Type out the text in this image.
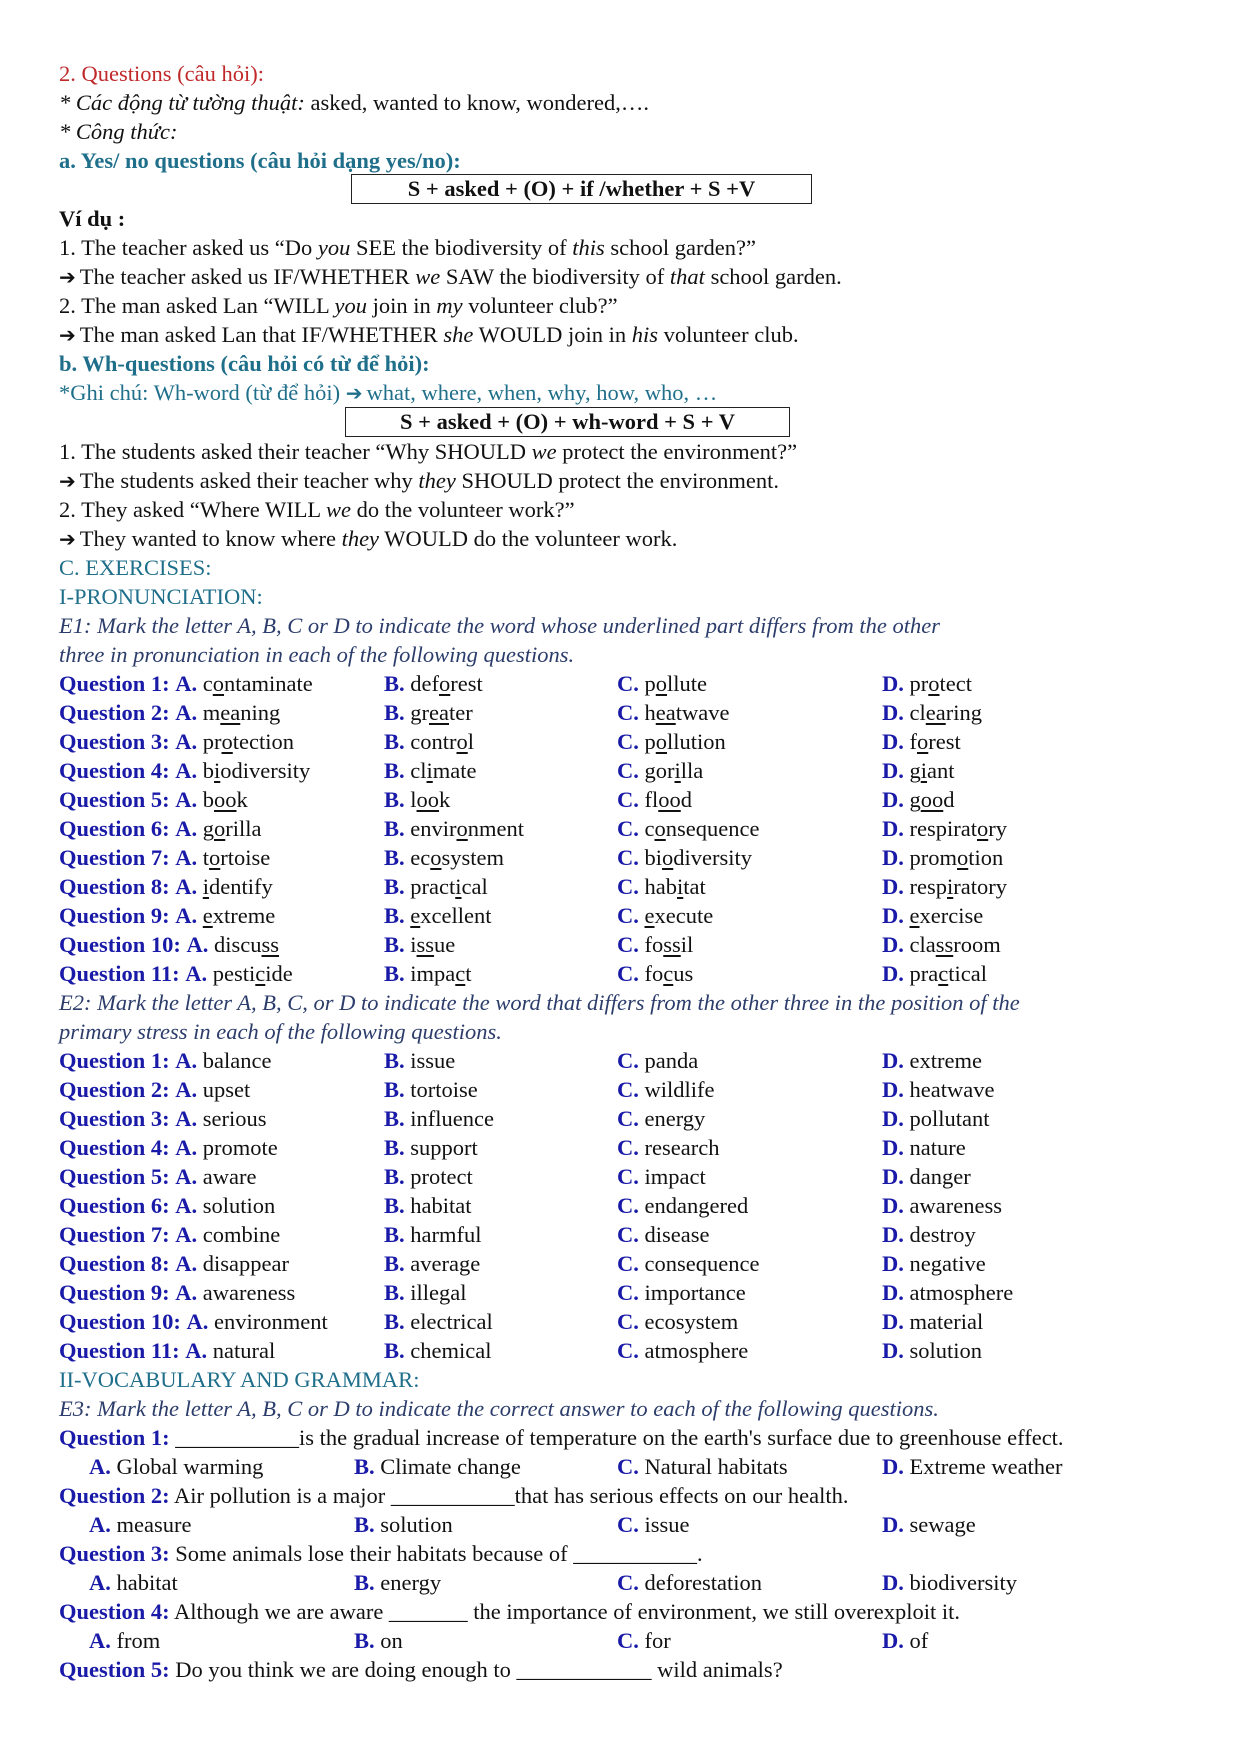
2. Questions (câu hỏi):
* Các động từ tường thuật: asked, wanted to know, wondered,….
* Công thức:
a. Yes/ no questions (câu hỏi dạng yes/no):
S + asked + (O) + if /whether + S +V
Ví dụ :
1. The teacher asked us “Do you SEE the biodiversity of this school garden?”
➔ The teacher asked us IF/WHETHER we SAW the biodiversity of that school garden.
2. The man asked Lan “WILL you join in my volunteer club?”
➔ The man asked Lan that IF/WHETHER she WOULD join in his volunteer club.
b. Wh-questions (câu hỏi có từ để hỏi):
*Ghi chú: Wh-word (từ để hỏi) ➔ what, where, when, why, how, who, …
S + asked + (O) + wh-word + S + V
1. The students asked their teacher “Why SHOULD we protect the environment?”
➔ The students asked their teacher why they SHOULD protect the environment.
2. They asked “Where WILL we do the volunteer work?”
➔ They wanted to know where they WOULD do the volunteer work.
C. EXERCISES:
I-PRONUNCIATION:
E1: Mark the letter A, B, C or D to indicate the word whose underlined part differs from the other
three in pronunciation in each of the following questions.
E2: Mark the letter A, B, C, or D to indicate the word that differs from the other three in the position of the
primary stress in each of the following questions.
II-VOCABULARY AND GRAMMAR:
E3: Mark the letter A, B, C or D to indicate the correct answer to each of the following questions.
Question 1: A. contaminate	B. deforest	C. pollute	D. protect
Question 2: A. meaning	B. greater	C. heatwave	D. clearing
Question 3: A. protection	B. control	C. pollution	D. forest
Question 4: A. biodiversity	B. climate	C. gorilla	D. giant
Question 5: A. book	B. look	C. flood	D. good
Question 6: A. gorilla	B. environment	C. consequence	D. respiratory
Question 7: A. tortoise	B. ecosystem	C. biodiversity	D. promotion
Question 8: A. identify	B. practical	C. habitat	D. respiratory
Question 9: A. extreme	B. excellent	C. execute	D. exercise
Question 10: A. discuss	B. issue	C. fossil	D. classroom
Question 11: A. pesticide	B. impact	C. focus	D. practical
Question 1: A. balance	B. issue	C. panda	D. extreme
Question 2: A. upset	B. tortoise	C. wildlife	D. heatwave
Question 3: A. serious	B. influence	C. energy	D. pollutant
Question 4: A. promote	B. support	C. research	D. nature
Question 5: A. aware	B. protect	C. impact	D. danger
Question 6: A. solution	B. habitat	C. endangered	D. awareness
Question 7: A. combine	B. harmful	C. disease	D. destroy
Question 8: A. disappear	B. average	C. consequence	D. negative
Question 9: A. awareness	B. illegal	C. importance	D. atmosphere
Question 10: A. environment	B. electrical	C. ecosystem	D. material
Question 11: A. natural	B. chemical	C. atmosphere	D. solution
Question 1: ___________is the gradual increase of temperature on the earth's surface due to greenhouse effect.
A. Global warming	B. Climate change	C. Natural habitats	D. Extreme weather
Question 2: Air pollution is a major ___________that has serious effects on our health.
A. measure	B. solution	C. issue	D. sewage
Question 3: Some animals lose their habitats because of ___________.
A. habitat	B. energy	C. deforestation	D. biodiversity
Question 4: Although we are aware _______ the importance of environment, we still overexploit it.
A. from	B. on	C. for	D. of
Question 5: Do you think we are doing enough to ____________ wild animals?
